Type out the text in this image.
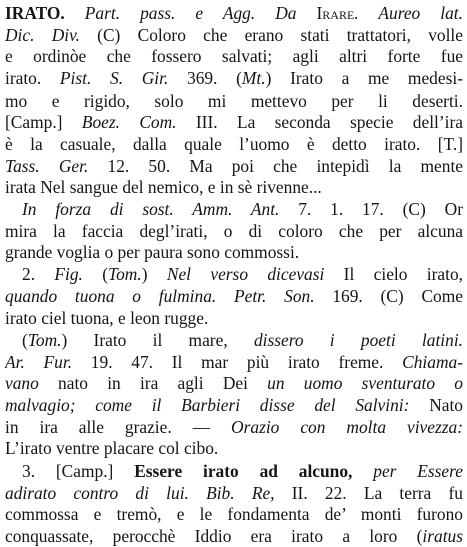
IRATO. Part. pass. e Agg. Da Irare. Aureo lat.
Dic. Div. (C) Coloro che erano stati trattatori, volle
e ordinòe che fossero salvati; agli altri forte fue
irato. Pist. S. Gir. 369. (Mt.) Irato a me medesi-
mo e rigido, solo mi mettevo per li deserti.
[Camp.] Boez. Com. III. La seconda specie dell’ira
è la casuale, dalla quale l’uomo è detto irato. [T.]
Tass. Ger. 12. 50. Ma poi che intepidì la mente
irata Nel sangue del nemico, e in sè rivenne...
In forza di sost. Amm. Ant. 7. 1. 17. (C) Or
mira la faccia degl’irati, o di coloro che per alcuna
grande voglia o per paura sono commossi.
2. Fig. (Tom.) Nel verso dicevasi Il cielo irato,
quando tuona o fulmina. Petr. Son. 169. (C) Come
irato ciel tuona, e leon rugge.
(Tom.) Irato il mare, dissero i poeti latini.
Ar. Fur. 19. 47. Il mar più irato freme. Chiama-
vano nato in ira agli Dei un uomo sventurato o
malvagio; come il Barbieri disse del Salvini: Nato
in ira alle grazie. — Orazio con molta vivezza:
L’irato ventre placare col cibo.
3. [Camp.] Essere irato ad alcuno, per Essere
adirato contro di lui. Bib. Re, II. 22. La terra fu
commossa e tremò, e le fondamenta de’ monti furono
conquassate, perocchè Iddio era irato a loro (iratus
